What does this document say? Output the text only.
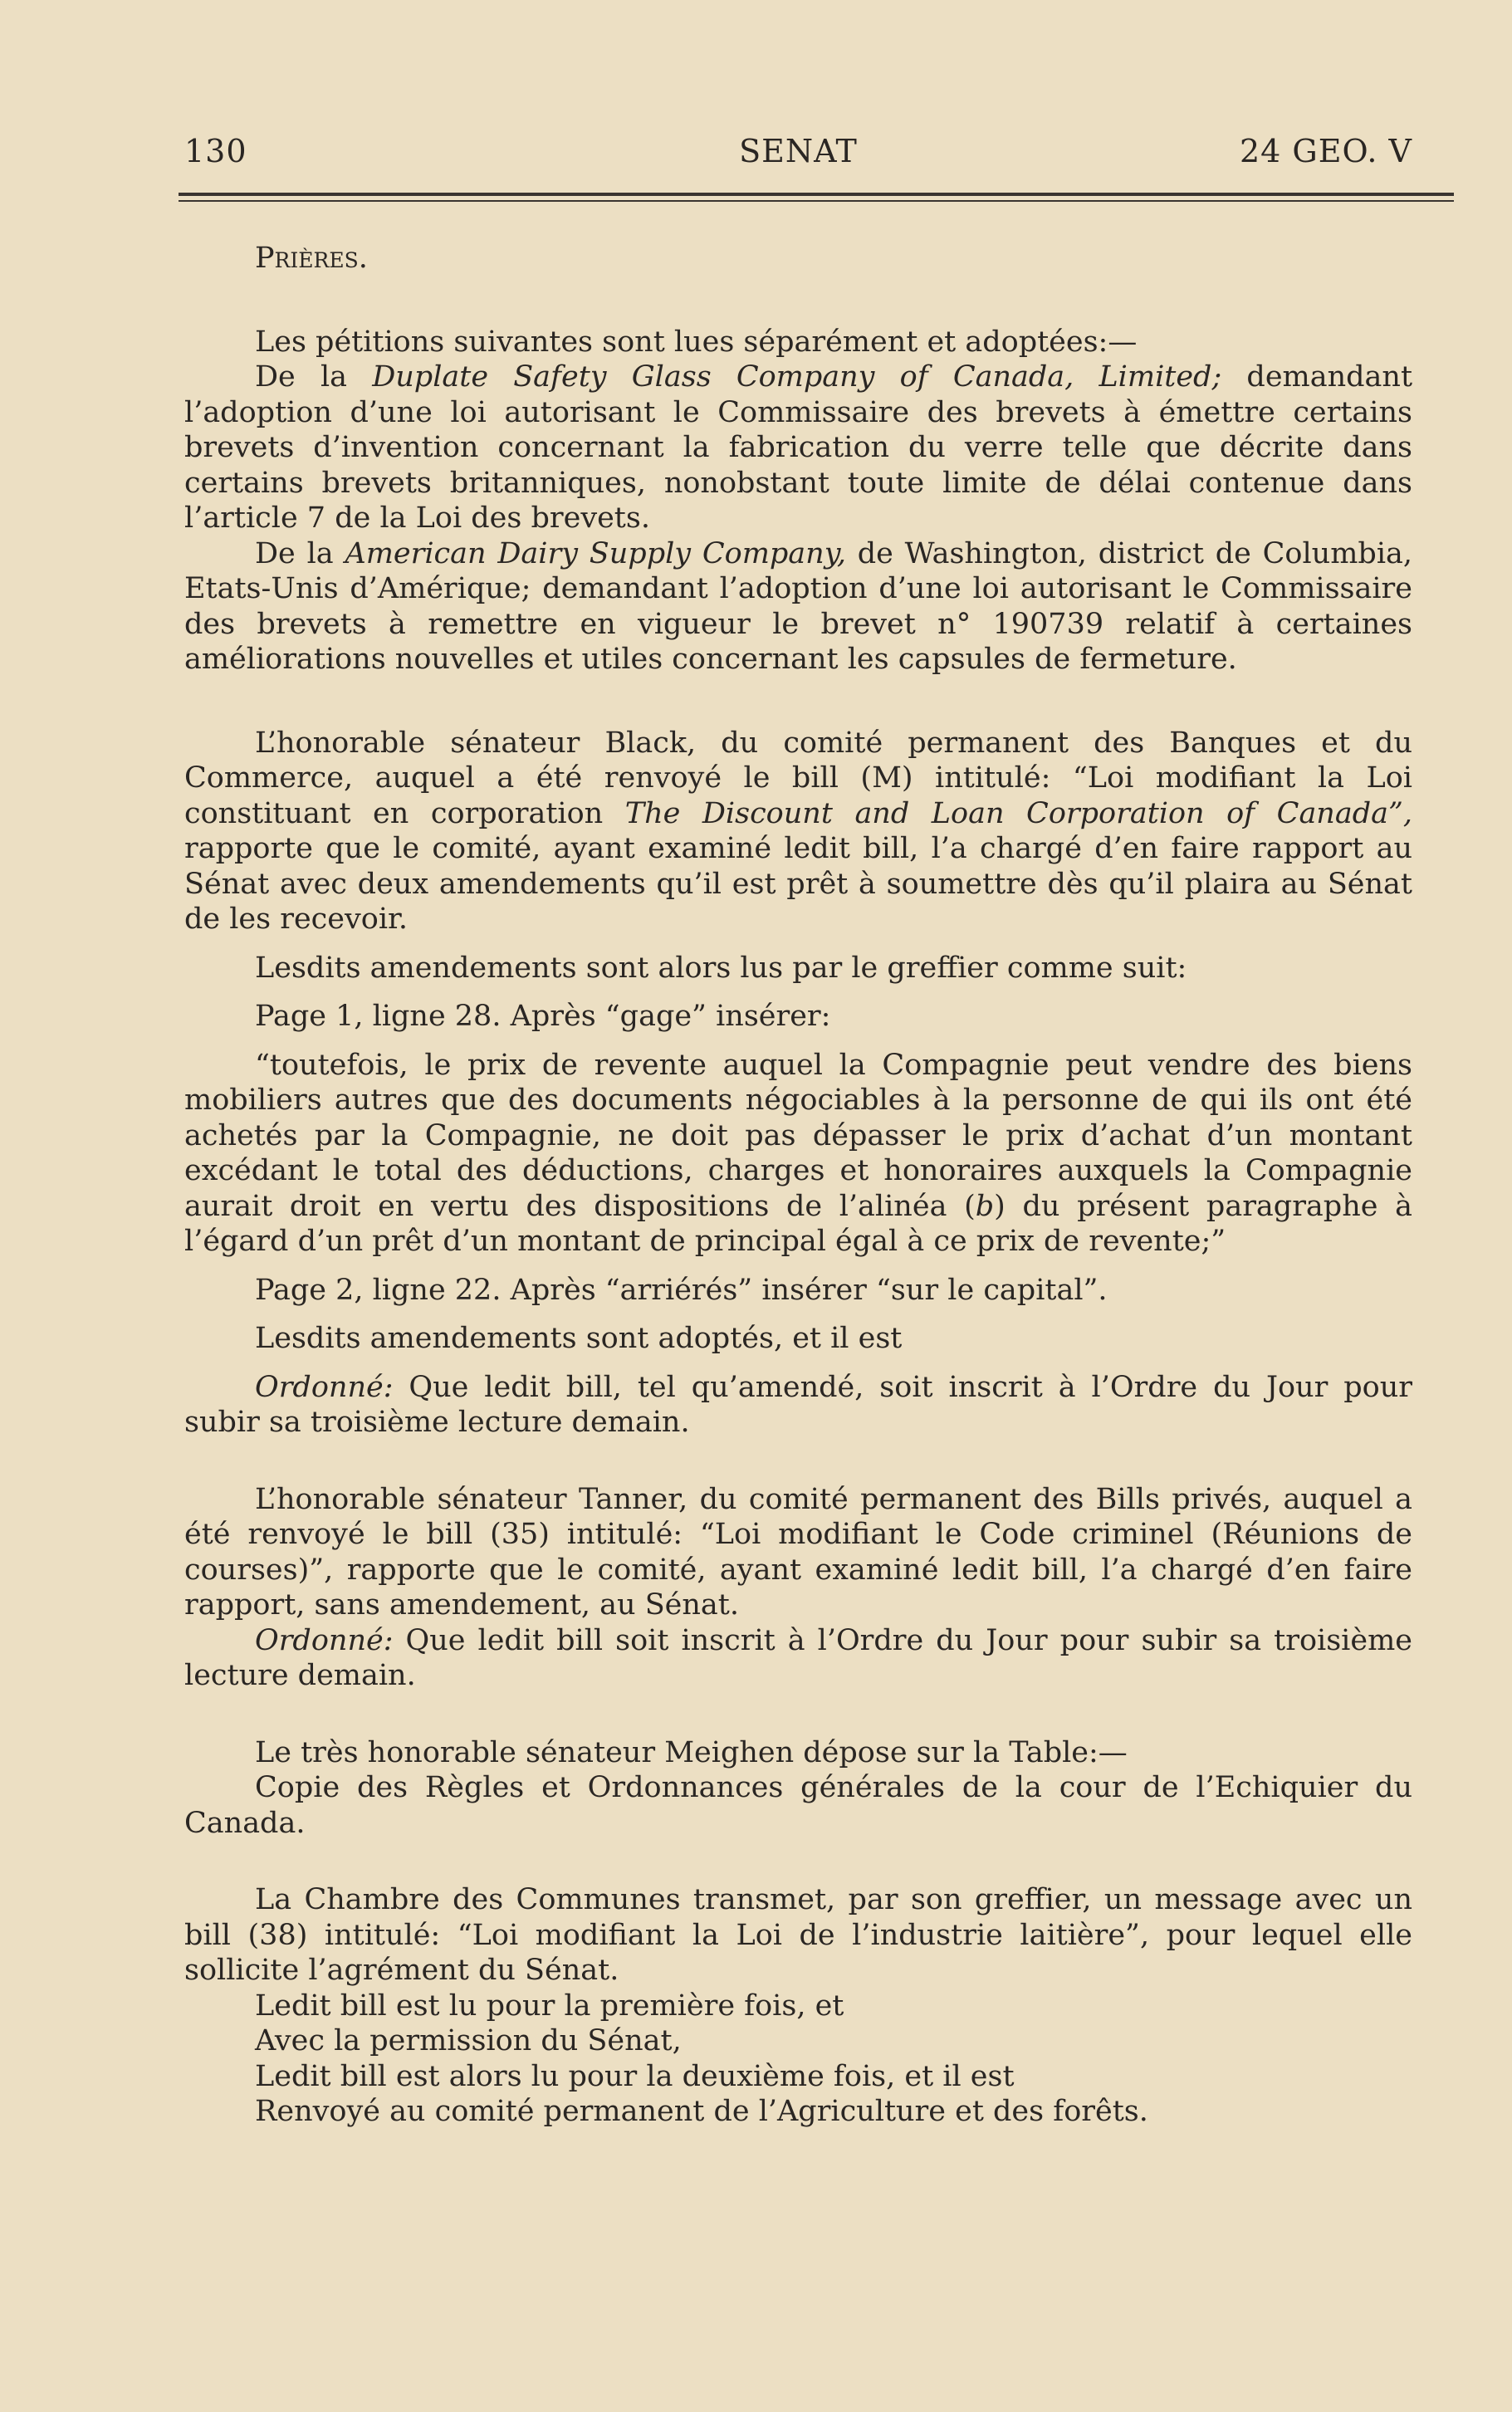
130	SENAT	24 GEO. V

Prières.

Les pétitions suivantes sont lues séparément et adoptées:—

De la Duplate Safety Glass Company of Canada, Limited; demandant l’adoption d’une loi autorisant le Commissaire des brevets à émettre certains brevets d’invention concernant la fabrication du verre telle que décrite dans certains brevets britanniques, nonobstant toute limite de délai contenue dans l’article 7 de la Loi des brevets.

De la American Dairy Supply Company, de Washington, district de Columbia, Etats-Unis d’Amérique; demandant l’adoption d’une loi autorisant le Commissaire des brevets à remettre en vigueur le brevet n° 190739 relatif à certaines améliorations nouvelles et utiles concernant les capsules de fermeture.

L’honorable sénateur Black, du comité permanent des Banques et du Commerce, auquel a été renvoyé le bill (M) intitulé: “Loi modifiant la Loi constituant en corporation The Discount and Loan Corporation of Canada”, rapporte que le comité, ayant examiné ledit bill, l’a chargé d’en faire rapport au Sénat avec deux amendements qu’il est prêt à soumettre dès qu’il plaira au Sénat de les recevoir.

Lesdits amendements sont alors lus par le greffier comme suit:

Page 1, ligne 28. Après “gage” insérer:

“toutefois, le prix de revente auquel la Compagnie peut vendre des biens mobiliers autres que des documents négociables à la personne de qui ils ont été achetés par la Compagnie, ne doit pas dépasser le prix d’achat d’un montant excédant le total des déductions, charges et honoraires auxquels la Compagnie aurait droit en vertu des dispositions de l’alinéa (b) du présent paragraphe à l’égard d’un prêt d’un montant de principal égal à ce prix de revente;”

Page 2, ligne 22. Après “arriérés” insérer “sur le capital”.

Lesdits amendements sont adoptés, et il est

Ordonné: Que ledit bill, tel qu’amendé, soit inscrit à l’Ordre du Jour pour subir sa troisième lecture demain.

L’honorable sénateur Tanner, du comité permanent des Bills privés, auquel a été renvoyé le bill (35) intitulé: “Loi modifiant le Code criminel (Réunions de courses)”, rapporte que le comité, ayant examiné ledit bill, l’a chargé d’en faire rapport, sans amendement, au Sénat.

Ordonné: Que ledit bill soit inscrit à l’Ordre du Jour pour subir sa troisième lecture demain.

Le très honorable sénateur Meighen dépose sur la Table:—

Copie des Règles et Ordonnances générales de la cour de l’Echiquier du Canada.

La Chambre des Communes transmet, par son greffier, un message avec un bill (38) intitulé: “Loi modifiant la Loi de l’industrie laitière”, pour lequel elle sollicite l’agrément du Sénat.

Ledit bill est lu pour la première fois, et

Avec la permission du Sénat,

Ledit bill est alors lu pour la deuxième fois, et il est

Renvoyé au comité permanent de l’Agriculture et des forêts.
